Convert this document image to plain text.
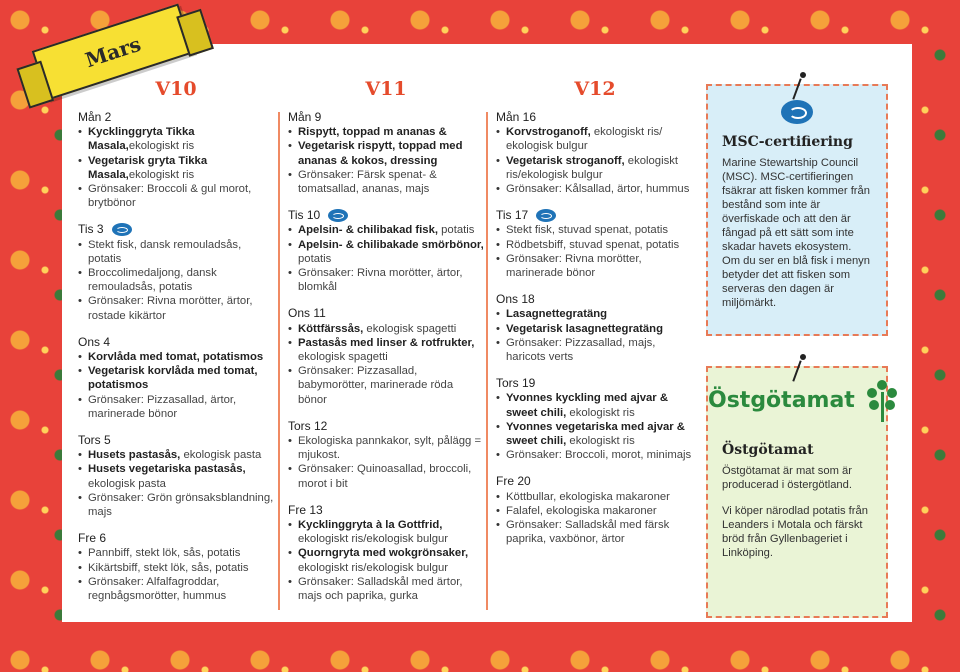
Mars
V10
Mån 2
• Kycklinggryta Tikka Masala,ekologiskt ris
• Vegetarisk gryta Tikka Masala,ekologiskt ris
• Grönsaker: Broccoli & gul morot, brytbönor
Tis 3
• Stekt fisk, dansk remouladsås, potatis
• Broccolimedaljong, dansk remouladsås, potatis
• Grönsaker: Rivna morötter, ärtor, rostade kikärtor
Ons 4
• Korvlåda med tomat, potatismos
• Vegetarisk korvlåda med tomat, potatismos
• Grönsaker: Pizzasallad, ärtor, marinerade bönor
Tors 5
• Husets pastasås, ekologisk pasta
• Husets vegetariska pastasås, ekologisk pasta
• Grönsaker: Grön grönsaksblandning, majs
Fre 6
• Pannbiff, stekt lök, sås, potatis
• Kikärtsbiff, stekt lök, sås, potatis
• Grönsaker: Alfalfagroddar, regnbågsmorötter, hummus
V11
Mån 9
• Rispytt, toppad m ananas &
• Vegetarisk rispytt, toppad med ananas & kokos, dressing
• Grönsaker: Färsk spenat- & tomatsallad, ananas, majs
Tis 10
• Apelsin- & chilibakad fisk, potatis
• Apelsin- & chilibakade smörbönor, potatis
• Grönsaker: Rivna morötter, ärtor, blomkål
Ons 11
• Köttfärssås, ekologisk spagetti
• Pastasås med linser & rotfrukter, ekologisk spagetti
• Grönsaker: Pizzasallad, babymorötter, marinerade röda bönor
Tors 12
• Ekologiska pannkakor, sylt, pålägg = mjukost.
• Grönsaker: Quinoasallad, broccoli, morot i bit
Fre 13
• Kycklinggryta à la Gottfrid, ekologiskt ris/ekologisk bulgur
• Quorngryta med wokgrönsaker, ekologiskt ris/ekologisk bulgur
• Grönsaker: Salladskål med ärtor, majs och paprika, gurka
V12
Mån 16
• Korvstroganoff, ekologiskt ris/ ekologisk bulgur
• Vegetarisk stroganoff, ekologiskt ris/ekologisk bulgur
• Grönsaker: Kålsallad, ärtor, hummus
Tis 17
• Stekt fisk, stuvad spenat, potatis
• Rödbetsbiff, stuvad spenat, potatis
• Grönsaker: Rivna morötter, marinerade bönor
Ons 18
• Lasagnettegratäng
• Vegetarisk lasagnettegratäng
• Grönsaker: Pizzasallad, majs, haricots verts
Tors 19
• Yvonnes kyckling med ajvar & sweet chili, ekologiskt ris
• Yvonnes vegetariska med ajvar & sweet chili, ekologiskt ris
• Grönsaker: Broccoli, morot, minimajs
Fre 20
• Köttbullar, ekologiska makaroner
• Falafel, ekologiska makaroner
• Grönsaker: Salladskål med färsk paprika, vaxbönor, ärtor
MSC-certifiering
Marine Stewartship Council (MSC). MSC-certifieringen fsäkrar att fisken kommer från bestånd som inte är överfiskade och att den är fångad på ett sätt som inte skadar havets ekosystem. Om du ser en blå fisk i menyn betyder det att fisken som serveras den dagen är miljömärkt.
Östgötamat
Östgötamat
Östgötamat är mat som är producerad i östergötland.
Vi köper närodlad potatis från Leanders i Motala och färskt bröd från Gyllenbageriet i Linköping.
